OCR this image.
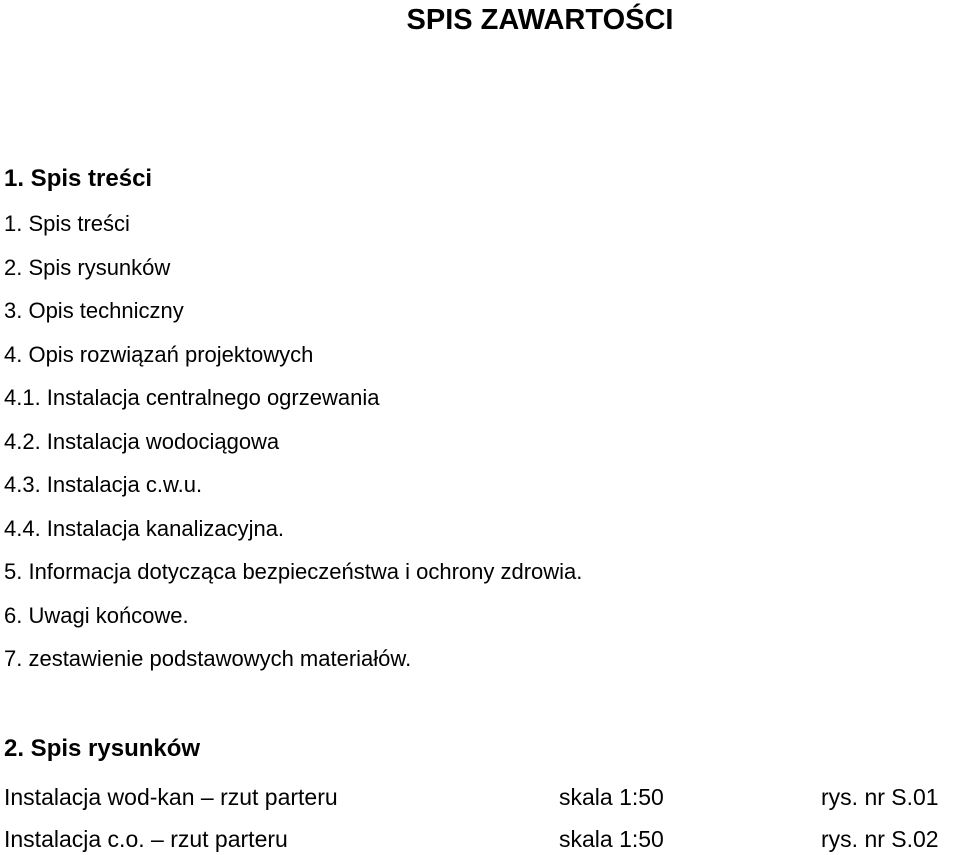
SPIS ZAWARTOŚCI
1. Spis treści
1. Spis treści
2. Spis rysunków
3. Opis techniczny
4. Opis rozwiązań projektowych
4.1. Instalacja centralnego ogrzewania
4.2. Instalacja wodociągowa
4.3. Instalacja c.w.u.
4.4. Instalacja kanalizacyjna.
5. Informacja dotycząca bezpieczeństwa i ochrony zdrowia.
6. Uwagi końcowe.
7. zestawienie podstawowych materiałów.
2. Spis rysunków
Instalacja wod-kan – rzut parteru	skala 1:50	rys. nr S.01
Instalacja c.o. – rzut parteru	skala 1:50	rys. nr S.02
